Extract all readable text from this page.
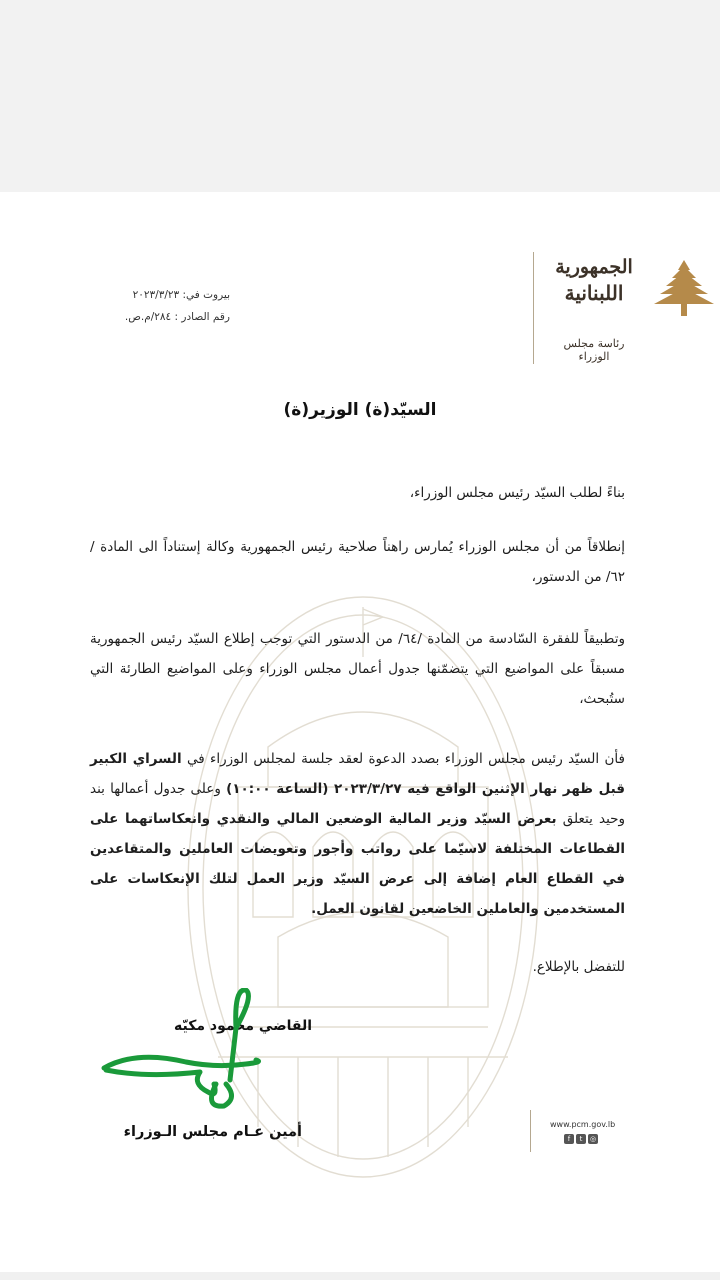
بيروت في: ٢٠٢٣/٣/٢٣
رقم الصادر : ٢٨٤/م.ص.
الجمهورية
اللبنانية
رئاسة مجلس الوزراء
السيّد(ة) الوزير(ة)
بناءً لطلب السيّد رئيس مجلس الوزراء،
إنطلاقاً من أن مجلس الوزراء يُمارس راهناً صلاحية رئيس الجمهورية وكالة إستناداً الى المادة /٦٢/ من الدستور،
وتطبيقاً للفقرة السّادسة من المادة /٦٤/ من الدستور التي توجب إطلاع السيّد رئيس الجمهورية مسبقاً على المواضيع التي يتضمّنها جدول أعمال مجلس الوزراء وعلى المواضيع الطارئة التي ستُبحث،
فأن السيّد رئيس مجلس الوزراء بصدد الدعوة لعقد جلسة لمجلس الوزراء في السراي الكبير قبل ظهر نهار الإثنين الواقع فيه ٢٠٢٣/٣/٢٧ (الساعة ١٠:٠٠) وعلى جدول أعمالها بند وحيد يتعلق بعرض السيّد وزير المالية الوضعين المالي والنقدي وانعكاساتهما على القطاعات المختلفة لاسيّما على رواتب وأجور وتعويضات العاملين والمتقاعدين في القطاع العام إضافة إلى عرض السيّد وزير العمل لتلك الإنعكاسات على المستخدمين والعاملين الخاضعين لقانون العمل.
للتفضل بالإطلاع.
القاضي محمود مكيّه
أمين عـام مجلس الـوزراء	www.pcm.gov.lb
f	t	◎
